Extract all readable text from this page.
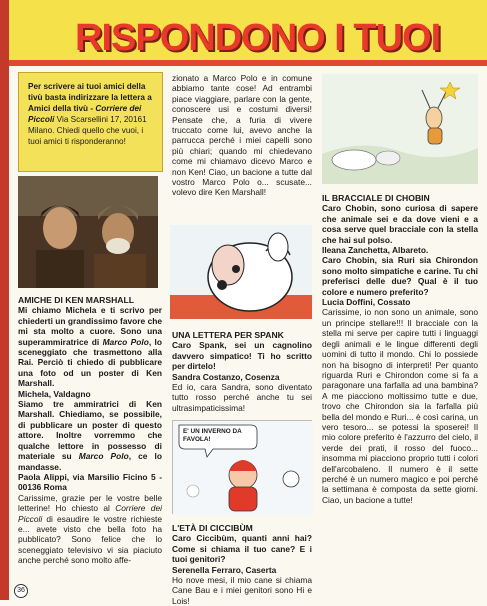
RISPONDONO I TUOI
Per scrivere ai tuoi amici della tivù basta indirizzare la lettera a Amici della tivù - Corriere dei Piccoli Via Scarsellini 17, 20161 Milano. Chiedi quello che vuoi, i tuoi amici ti risponderanno!

AMICHE DI KEN MARSHALL

Mi chiamo Michela e ti scrivo per chiederti un grandissimo favore che mi sta molto a cuore. Sono una superammiratrice di Marco Polo, lo sceneggiato che trasmettono alla Rai. Perciò ti chiedo di pubblicare una foto od un poster di Ken Marshall.

Michela, Valdagno

Siamo tre ammiratrici di Ken Marshall. Chiediamo, se possibile, di pubblicare un poster di questo attore. Inoltre vorremmo che qualche lettore in possesso di materiale su Marco Polo, ce lo mandasse.

Paola Alippi, via Marsilio Ficino 5 - 00136 Roma

Carissime, grazie per le vostre belle letterine! Ho chiesto al Corriere dei Piccoli di esaudire le vostre richieste e... avete visto che bella foto ha pubblicato? Sono felice che lo sceneggiato televisivo vi sia piaciuto anche perché sono molto affe-

zionato a Marco Polo e in comune abbiamo tante cose! Ad entrambi piace viaggiare, parlare con la gente, conoscere usi e costumi diversi! Pensate che, a furia di vivere truccato come lui, avevo anche la parrucca perché i miei capelli sono più chiari; quando mi chiedevano come mi chiamavo dicevo Marco e non Ken! Ciao, un bacione a tutte dal vostro Marco Polo o... scusate... volevo dire Ken Marshall!

UNA LETTERA PER SPANK

Caro Spank, sei un cagnolino davvero simpatico! Ti ho scritto per dirtelo!

Sandra Costanzo, Cosenza

Ed io, cara Sandra, sono diventato tutto rosso perché anche tu sei ultrasimpaticissima!

E' UN INVERNO DA FAVOLA!

L'ETÀ DI CICCIBÙM

Caro Ciccibùm, quanti anni hai? Come si chiama il tuo cane? E i tuoi genitori?

Serenella Ferraro, Caserta

Ho nove mesi, il mio cane si chiama Cane Bau e i miei genitori sono Hi e Lois!

IL BRACCIALE DI CHOBIN

Caro Chobin, sono curiosa di sapere che animale sei e da dove vieni e a cosa serve quel braccialе con la stella che hai sul polso.

Ileana Zanchetta, Albareto.

Caro Chobin, sia Ruri sia Chirondon sono molto simpatiche e carine. Tu chi preferisci delle due? Qual è il tuo colore e numero preferito?

Lucia Doffini, Cossato

Carissime, io non sono un animale, sono un principe stellare!!! Il bracciale con la stella mi serve per capire tutti i linguaggi degli animali e le lingue differenti degli uomini di tutto il mondo. Chi lo possiede non ha bisogno di interpreti! Per quanto riguarda Ruri e Chirondon come si fa a paragonare una farfalla ad una bambina? A me piacciono moltissimo tutte e due, trovo che Chirondon sia la farfalla più bella del mondo e Ruri... è così carina, un vero tesoro... se potessi la sposerei! Il mio colore preferito è l'azzurro del cielo, il verde dei prati, il rosso del fuoco... insomma mi piacciono proprio tutti i colori dell'arcobaleno. Il numero è il sette perché è un numero magico e poi perché la settimana è composta da sette giorni. Ciao, un bacione a tutte!

36
